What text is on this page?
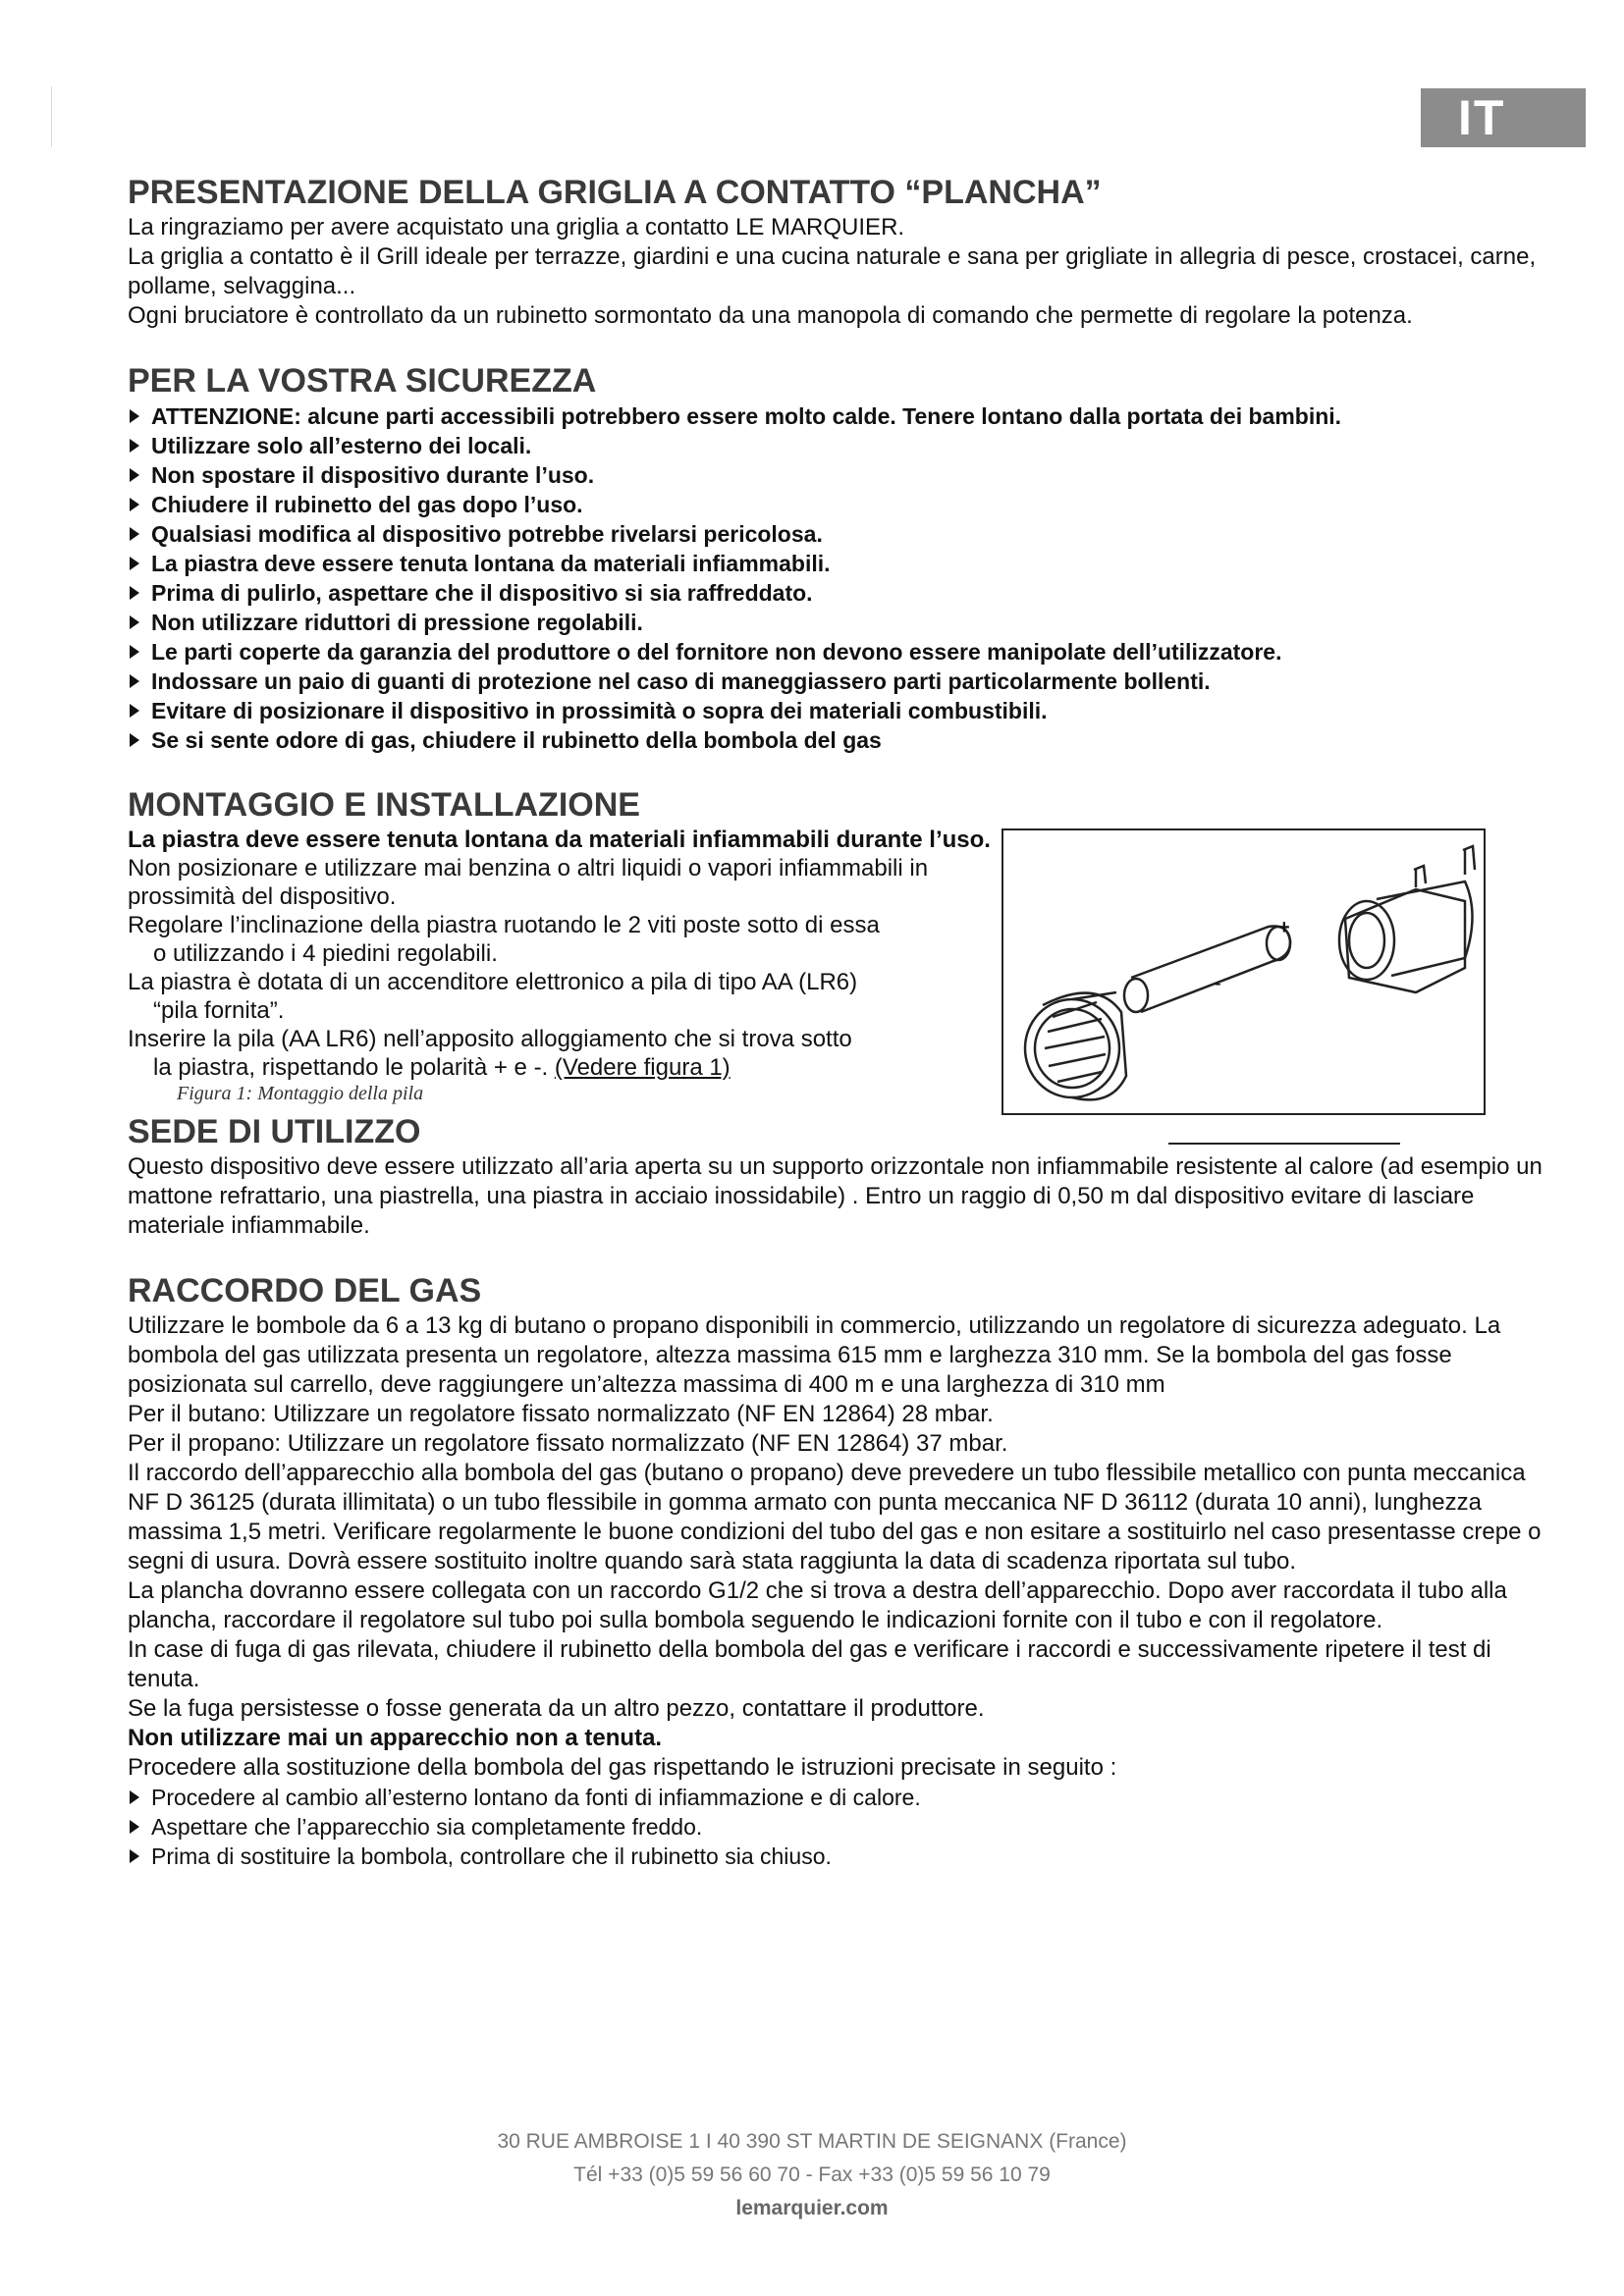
IT
PRESENTAZIONE DELLA GRIGLIA A CONTATTO “PLANCHA”

La ringraziamo per avere acquistato una griglia a contatto LE MARQUIER.

La griglia a contatto è il Grill ideale per terrazze, giardini e una cucina naturale e sana per grigliate in allegria di pesce, crostacei, carne, pollame, selvaggina...

Ogni bruciatore è controllato da un rubinetto sormontato da una manopola di comando che permette di regolare la potenza.

PER LA VOSTRA SICUREZZA
ATTENZIONE: alcune parti accessibili potrebbero essere molto calde. Tenere lontano dalla portata dei bambini.
Utilizzare solo all’esterno dei locali.
Non spostare il dispositivo durante l’uso.
Chiudere il rubinetto del gas dopo l’uso.
Qualsiasi modifica al dispositivo potrebbe rivelarsi pericolosa.
La piastra deve essere tenuta lontana da materiali infiammabili.
Prima di pulirlo, aspettare che il dispositivo si sia raffreddato.
Non utilizzare riduttori di pressione regolabili.
Le parti coperte da garanzia del produttore o del fornitore non devono essere manipolate dell’utilizzatore.
Indossare un paio di guanti di protezione nel caso di maneggiassero parti particolarmente bollenti.
Evitare di posizionare il dispositivo in prossimità o sopra dei materiali combustibili.
Se si sente odore di gas, chiudere il rubinetto della bombola del gas
MONTAGGIO E INSTALLAZIONE

La piastra deve essere tenuta lontana da materiali infiammabili durante l’uso.

Non posizionare e utilizzare mai benzina o altri liquidi o vapori infiammabili in prossimità del dispositivo.

Regolare l’inclinazione della piastra ruotando le 2 viti poste sotto di essa

o utilizzando i 4 piedini regolabili.

La piastra è dotata di un accenditore elettronico a pila di tipo AA (LR6)

“pila fornita”.

Inserire la pila (AA LR6) nell’apposito alloggiamento che si trova sotto

la piastra, rispettando le polarità + e -. (Vedere figura 1)

Figura 1: Montaggio della pila
+
-
SEDE DI UTILIZZO

Questo dispositivo deve essere utilizzato all’aria aperta su un supporto orizzontale non infiammabile resistente al calore (ad esempio un mattone refrattario, una piastrella, una piastra in acciaio inossidabile) . Entro un raggio di 0,50 m dal dispositivo evitare di lasciare materiale infiammabile.

RACCORDO DEL GAS

Utilizzare le bombole da 6 a 13 kg di butano o propano disponibili in commercio, utilizzando un regolatore di sicurezza adeguato. La bombola del gas utilizzata presenta un regolatore, altezza massima 615 mm e larghezza 310 mm. Se la bombola del gas fosse posizionata sul carrello, deve raggiungere un’altezza massima di 400 m e una larghezza di 310 mm

Per il butano: Utilizzare un regolatore fissato normalizzato (NF EN 12864) 28 mbar.

Per il propano: Utilizzare un regolatore fissato normalizzato (NF EN 12864) 37 mbar.

Il raccordo dell’apparecchio alla bombola del gas (butano o propano) deve prevedere un tubo flessibile metallico con punta meccanica NF D 36125 (durata illimitata) o un tubo flessibile in gomma armato con punta meccanica NF D 36112 (durata 10 anni), lunghezza massima 1,5 metri. Verificare regolarmente le buone condizioni del tubo del gas e non esitare a sostituirlo nel caso presentasse crepe o segni di usura. Dovrà essere sostituito inoltre quando sarà stata raggiunta la data di scadenza riportata sul tubo.

La plancha dovranno essere collegata con un raccordo G1/2 che si trova a destra dell’apparecchio. Dopo aver raccordata il tubo alla plancha, raccordare il regolatore sul tubo poi sulla bombola seguendo le indicazioni fornite con il tubo e con il regolatore.

In case di fuga di gas rilevata, chiudere il rubinetto della bombola del gas e verificare i raccordi e successivamente ripetere il test di tenuta.

Se la fuga persistesse o fosse generata da un altro pezzo, contattare il produttore.

Non utilizzare mai un apparecchio non a tenuta.

Procedere alla sostituzione della bombola del gas rispettando le istruzioni precisate in seguito :

Procedere al cambio all’esterno lontano da fonti di infiammazione e di calore.
Aspettare che l’apparecchio sia completamente freddo.
Prima di sostituire la bombola, controllare che il rubinetto sia chiuso.
30 RUE AMBROISE 1 I 40 390 ST MARTIN DE SEIGNANX (France)
Tél +33 (0)5 59 56 60 70 - Fax +33 (0)5 59 56 10 79
lemarquier.com
